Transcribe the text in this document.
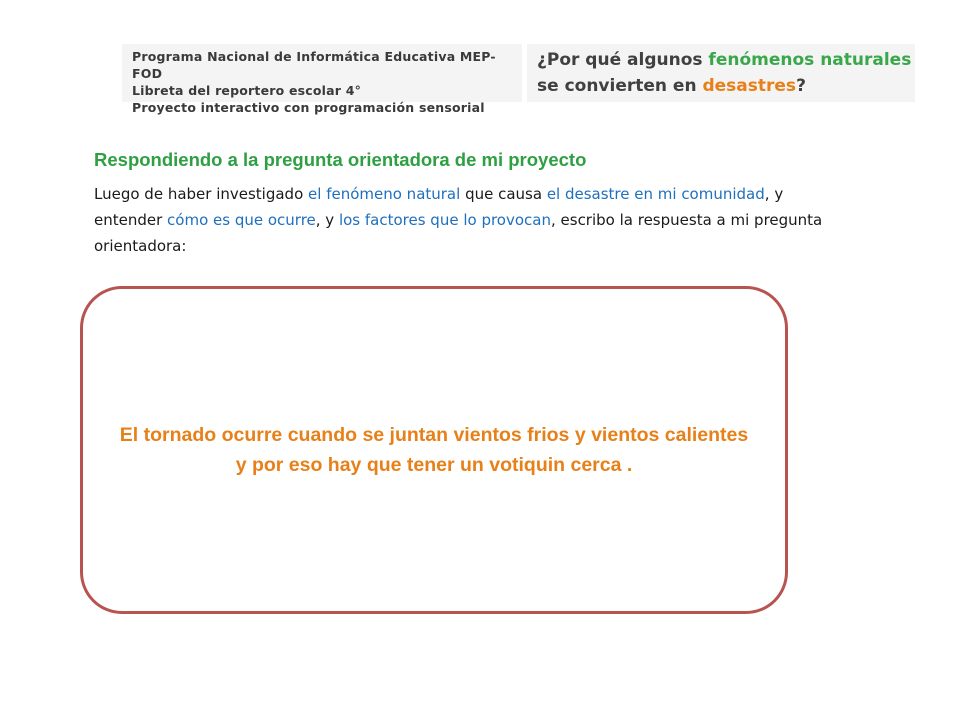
Programa Nacional de Informática Educativa MEP-FOD
Libreta del reportero escolar 4°
Proyecto interactivo con programación sensorial

¿Por qué algunos fenómenos naturales se convierten en desastres?

Respondiendo a la pregunta orientadora de mi proyecto

Luego de haber investigado el fenómeno natural que causa el desastre en mi comunidad, y entender cómo es que ocurre, y los factores que lo provocan, escribo la respuesta a mi pregunta orientadora:

El tornado ocurre cuando se juntan vientos frios y vientos calientes y por eso hay que tener un votiquin cerca .
